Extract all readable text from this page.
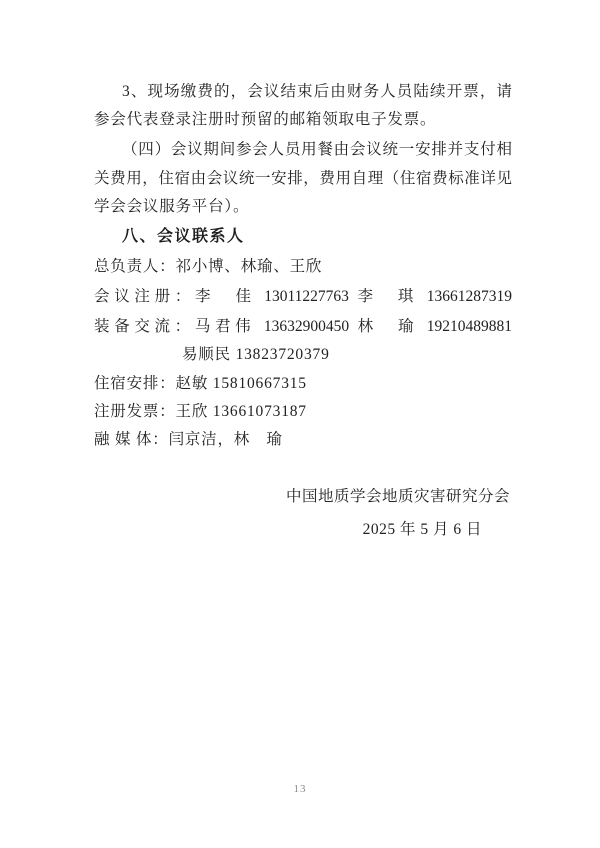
3、现场缴费的，会议结束后由财务人员陆续开票，请
参会代表登录注册时预留的邮箱领取电子发票。
（四）会议期间参会人员用餐由会议统一安排并支付相
关费用，住宿由会议统一安排，费用自理（住宿费标准详见
学会会议服务平台）。
八、会议联系人
总负责人：祁小博、林瑜、王欣
会议注册：李　佳 13011227763 李　琪 13661287319
装备交流：马君伟 13632900450 林　瑜 19210489881
易顺民 13823720379
住宿安排：赵敏 15810667315
注册发票：王欣 13661073187
融 媒 体：闫京洁，林　瑜
中国地质学会地质灾害研究分会
2025 年 5 月 6 日
13
